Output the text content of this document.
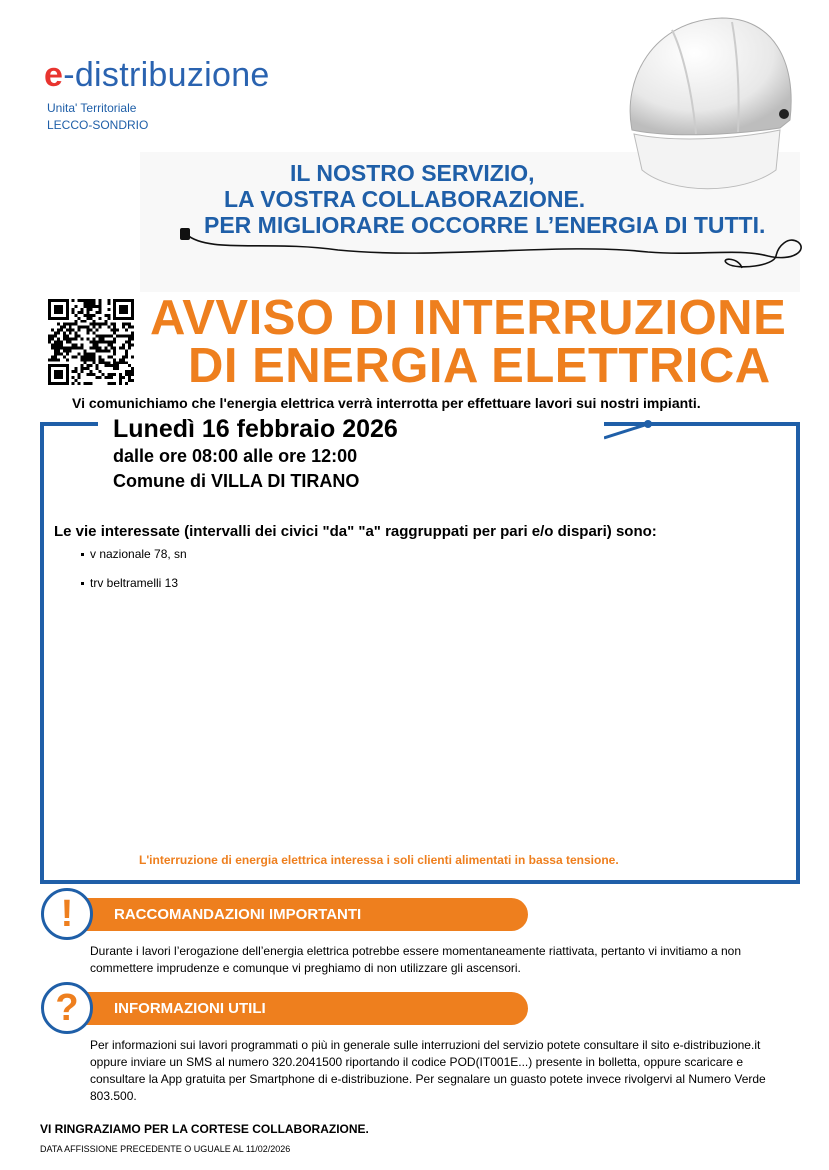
e-distribuzione
Unita' Territoriale
LECCO-SONDRIO
IL NOSTRO SERVIZIO,
LA VOSTRA COLLABORAZIONE.
PER MIGLIORARE OCCORRE L’ENERGIA DI TUTTI.
AVVISO DI INTERRUZIONE
DI ENERGIA ELETTRICA
Vi comunichiamo che l'energia elettrica verrà interrotta per effettuare lavori sui nostri impianti.
Lunedì 16 febbraio 2026
dalle ore 08:00 alle ore 12:00
Comune di VILLA DI TIRANO
Le vie interessate (intervalli dei civici "da" "a" raggruppati per pari e/o dispari) sono:
v nazionale 78, sn
trv beltramelli 13
L'interruzione di energia elettrica interessa i soli clienti alimentati in bassa tensione.
!	RACCOMANDAZIONI IMPORTANTI
Durante i lavori l’erogazione dell’energia elettrica potrebbe essere momentaneamente riattivata, pertanto vi invitiamo a non commettere imprudenze e comunque vi preghiamo di non utilizzare gli ascensori.
?	INFORMAZIONI UTILI
Per informazioni sui lavori programmati o più in generale sulle interruzioni del servizio potete consultare il sito e-distribuzione.it oppure inviare un SMS al numero 320.2041500 riportando il codice POD(IT001E...) presente in bolletta, oppure scaricare e consultare la App gratuita per Smartphone di e-distribuzione. Per segnalare un guasto potete invece rivolgervi al Numero Verde 803.500.
VI RINGRAZIAMO PER LA CORTESE COLLABORAZIONE.
DATA AFFISSIONE PRECEDENTE O UGUALE AL 11/02/2026
